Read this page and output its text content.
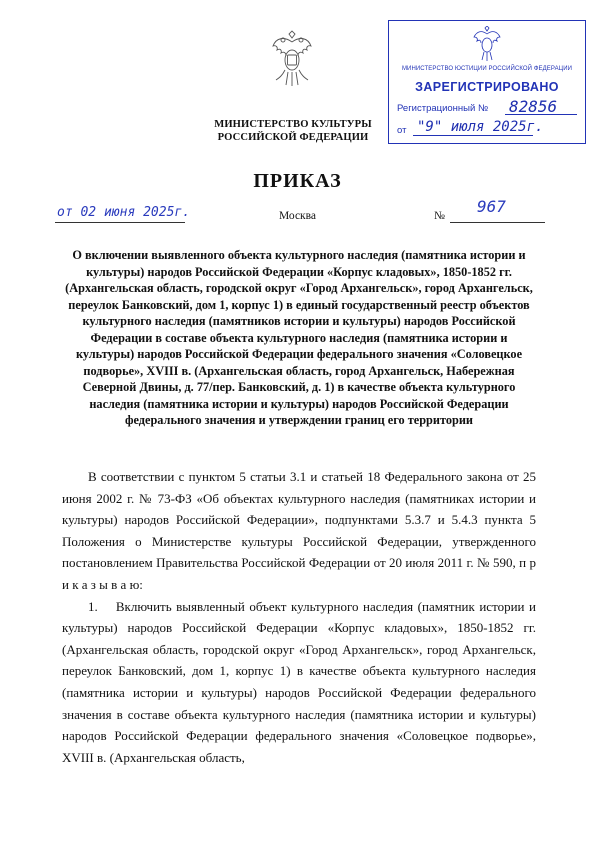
МИНИСТЕРСТВО КУЛЬТУРЫ
РОССИЙСКОЙ ФЕДЕРАЦИИ
МИНИСТЕРСТВО ЮСТИЦИИ РОССИЙСКОЙ ФЕДЕРАЦИИ
ЗАРЕГИСТРИРОВАНО
Регистрационный № 82856
от "9" июля 2025г.
ПРИКАЗ
от 02 июня 2025г.	Москва	№ 967
О включении выявленного объекта культурного наследия (памятника истории и культуры) народов Российской Федерации «Корпус кладовых», 1850-1852 гг. (Архангельская область, городской округ «Город Архангельск», город Архангельск, переулок Банковский, дом 1, корпус 1) в единый государственный реестр объектов культурного наследия (памятников истории и культуры) народов Российской Федерации в составе объекта культурного наследия (памятника истории и культуры) народов Российской Федерации федерального значения «Соловецкое подворье», XVIII в. (Архангельская область, город Архангельск, Набережная Северной Двины, д. 77/пер. Банковский, д. 1) в качестве объекта культурного наследия (памятника истории и культуры) народов Российской Федерации федерального значения и утверждении границ его территории

В соответствии с пунктом 5 статьи 3.1 и статьей 18 Федерального закона от 25 июня 2002 г. № 73-ФЗ «Об объектах культурного наследия (памятниках истории и культуры) народов Российской Федерации», подпунктами 5.3.7 и 5.4.3 пункта 5 Положения о Министерстве культуры Российской Федерации, утвержденного постановлением Правительства Российской Федерации от 20 июля 2011 г. № 590, п р и к а з ы в а ю:

1.    Включить выявленный объект культурного наследия (памятник истории и культуры) народов Российской Федерации «Корпус кладовых», 1850-1852 гг. (Архангельская область, городской округ «Город Архангельск», город Архангельск, переулок Банковский, дом 1, корпус 1) в качестве объекта культурного наследия (памятника истории и культуры) народов Российской Федерации федерального значения в составе объекта культурного наследия (памятника истории и культуры) народов Российской Федерации федерального значения «Соловецкое подворье», XVIII в. (Архангельская область,
